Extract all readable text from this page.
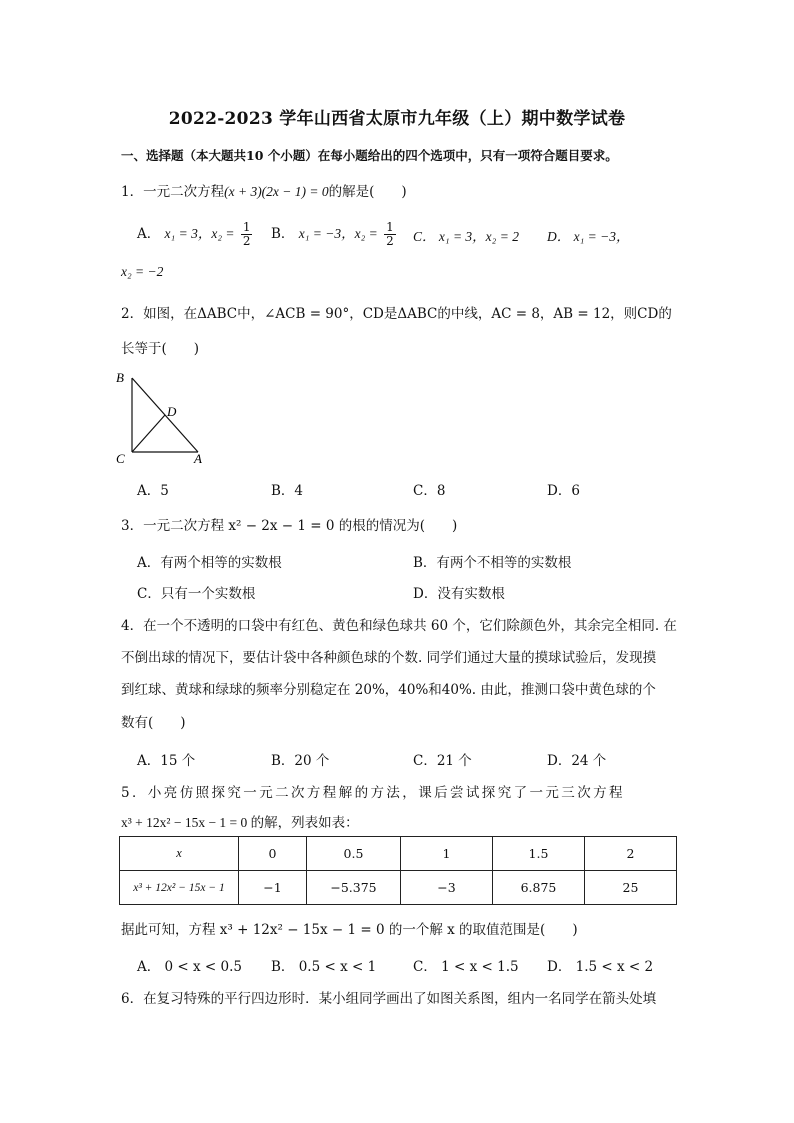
2022-2023 学年山西省太原市九年级（上）期中数学试卷
一、选择题（本大题共10 个小题）在每小题给出的四个选项中，只有一项符合题目要求。
1．一元二次方程(x + 3)(2x − 1) = 0的解是(　　)
A． x₁ = 3，$x_2 = \frac{1}{2}$ B． x₁ = −3，$x_2 = \frac{1}{2}$ C． x₁ = 3，x₂ = 2 D． x₁ = −3，
x₂ = −2
2．如图，在ΔABC中，∠ACB = 90°，CD是ΔABC的中线，AC = 8，AB = 12，则CD的
长等于(　　)
B
D
C	A
A．5	B．4	C．8	D．6
3．一元二次方程 x² − 2x − 1 = 0 的根的情况为(　　)
A．有两个相等的实数根	B．有两个不相等的实数根
C．只有一个实数根	D．没有实数根
4．在一个不透明的口袋中有红色、黄色和绿色球共 60 个，它们除颜色外，其余完全相同. 在
不倒出球的情况下，要估计袋中各种颜色球的个数. 同学们通过大量的摸球试验后，发现摸
到红球、黄球和绿球的频率分别稳定在 20%，40%和40%. 由此，推测口袋中黄色球的个
数有(　　)
A．15 个	B．20 个	C．21 个	D．24 个
5．小亮仿照探究一元二次方程解的方法，课后尝试探究了一元三次方程
x³ + 12x² − 15x − 1 = 0 的解，列表如表：
x	0	0.5	1	1.5	2
x³ + 12x² − 15x − 1	−1	−5.375	−3	6.875	25
据此可知，方程 x³ + 12x² − 15x − 1 = 0 的一个解 x 的取值范围是(　　)
A． 0 < x < 0.5 B． 0.5 < x < 1	C． 1 < x < 1.5 D． 1.5 < x < 2
6．在复习特殊的平行四边形时．某小组同学画出了如图关系图，组内一名同学在箭头处填
